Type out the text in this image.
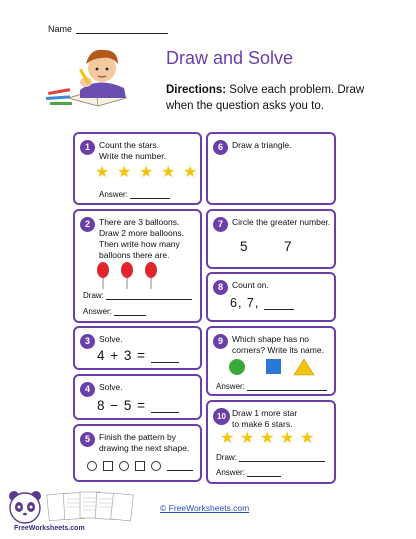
Name
Draw and Solve
Directions: Solve each problem. Draw when the question asks you to.
1	Count the stars.
Write the number.
★ ★ ★ ★ ★
Answer:
2	There are 3 balloons.
Draw 2 more balloons.
Then write how many
balloons there are.
Draw:
Answer:
3	Solve.
4 + 3 =
4	Solve.
8 − 5 =
5	Finish the pattern by
drawing the next shape.
6	Draw a triangle.
7	Circle the greater number.
5	7
8	Count on.
6, 7,
9	Which shape has no
corners? Write its name.
Answer:
10 Draw 1 more star
to make 6 stars.
★ ★ ★ ★ ★
Draw:
Answer:
FreeWorksheets.com
© FreeWorksheets.com
